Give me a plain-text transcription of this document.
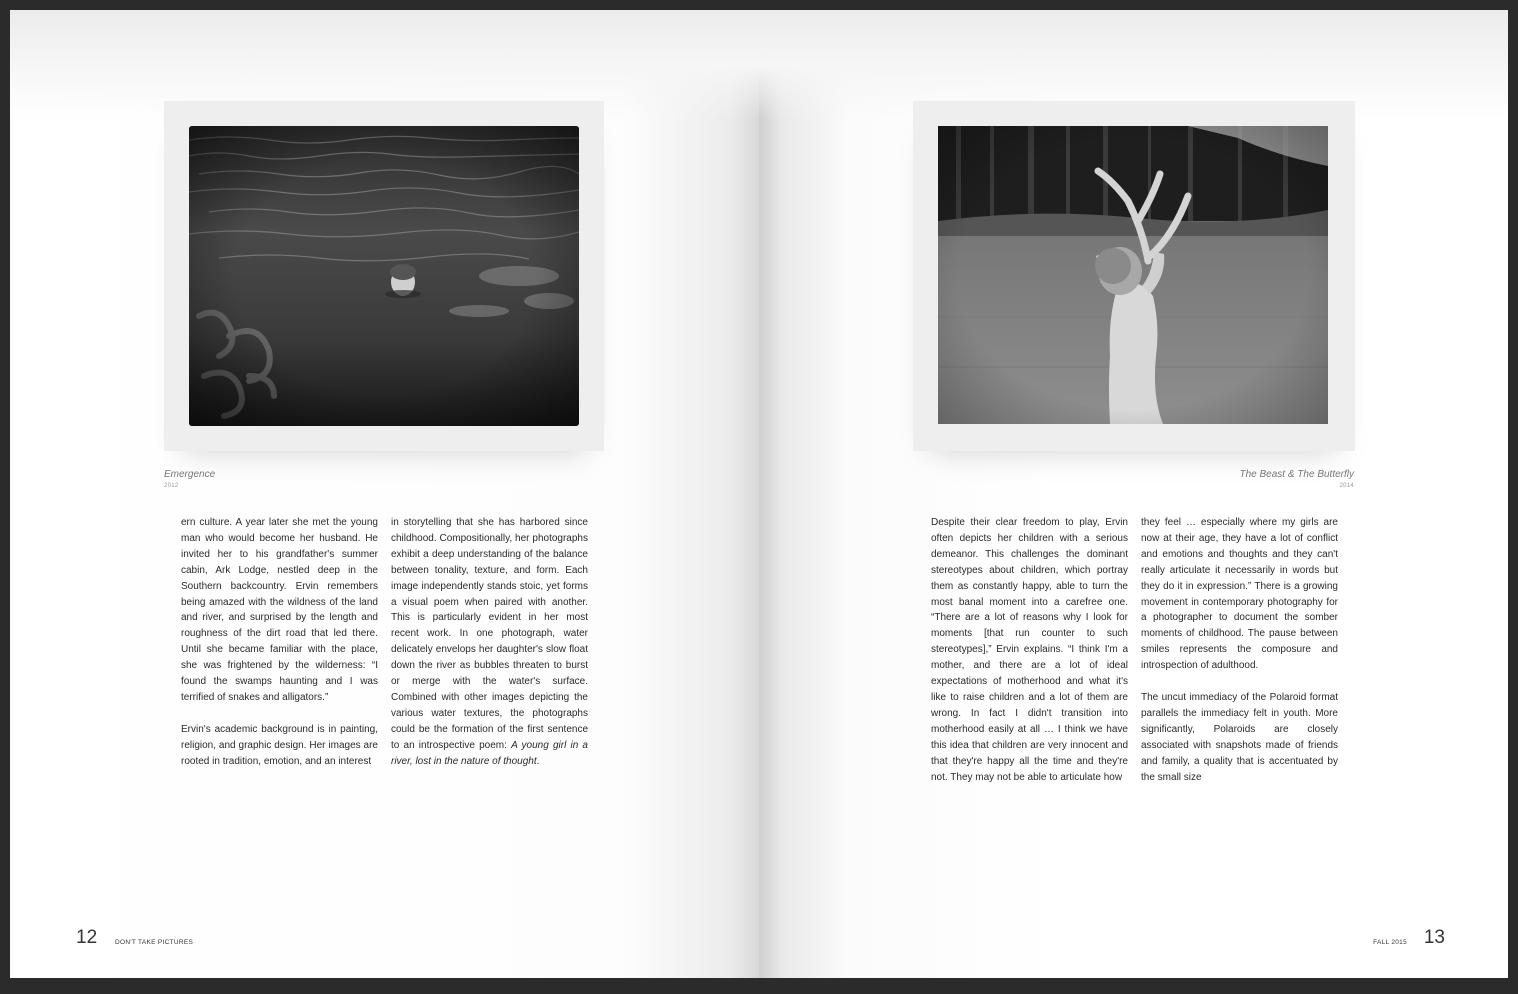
Emergence
2012

ern culture. A year later she met the young man who would become her husband. He invited her to his grandfather's summer cabin, Ark Lodge, nestled deep in the Southern backcountry. Ervin remembers being amazed with the wildness of the land and river, and surprised by the length and roughness of the dirt road that led there. Until she became familiar with the place, she was frightened by the wilderness: “I found the swamps haunting and I was terrified of snakes and alligators.”

Ervin's academic background is in painting, religion, and graphic design. Her images are rooted in tradition, emotion, and an interest

in storytelling that she has harbored since childhood. Compositionally, her photographs exhibit a deep understanding of the balance between tonality, texture, and form. Each image independently stands stoic, yet forms a visual poem when paired with another. This is particularly evident in her most recent work. In one photograph, water delicately envelops her daughter's slow float down the river as bubbles threaten to burst or merge with the water's surface. Combined with other images depicting the various water textures, the photographs could be the formation of the first sentence to an introspective poem: A young girl in a river, lost in the nature of thought.

12	DON'T TAKE PICTURES
The Beast & The Butterfly
2014

Despite their clear freedom to play, Ervin often depicts her children with a serious demeanor. This challenges the dominant stereotypes about children, which portray them as constantly happy, able to turn the most banal moment into a carefree one. “There are a lot of reasons why I look for moments [that run counter to such stereotypes],” Ervin explains. “I think I'm a mother, and there are a lot of ideal expectations of motherhood and what it's like to raise children and a lot of them are wrong. In fact I didn't transition into motherhood easily at all … I think we have this idea that children are very innocent and that they're happy all the time and they're not. They may not be able to articulate how

they feel … especially where my girls are now at their age, they have a lot of conflict and emotions and thoughts and they can't really articulate it necessarily in words but they do it in expression.” There is a growing movement in contemporary photography for a photographer to document the somber moments of childhood. The pause between smiles represents the composure and introspection of adulthood.

The uncut immediacy of the Polaroid format parallels the immediacy felt in youth. More significantly, Polaroids are closely associated with snapshots made of friends and family, a quality that is accentuated by the small size

FALL 2015 13
